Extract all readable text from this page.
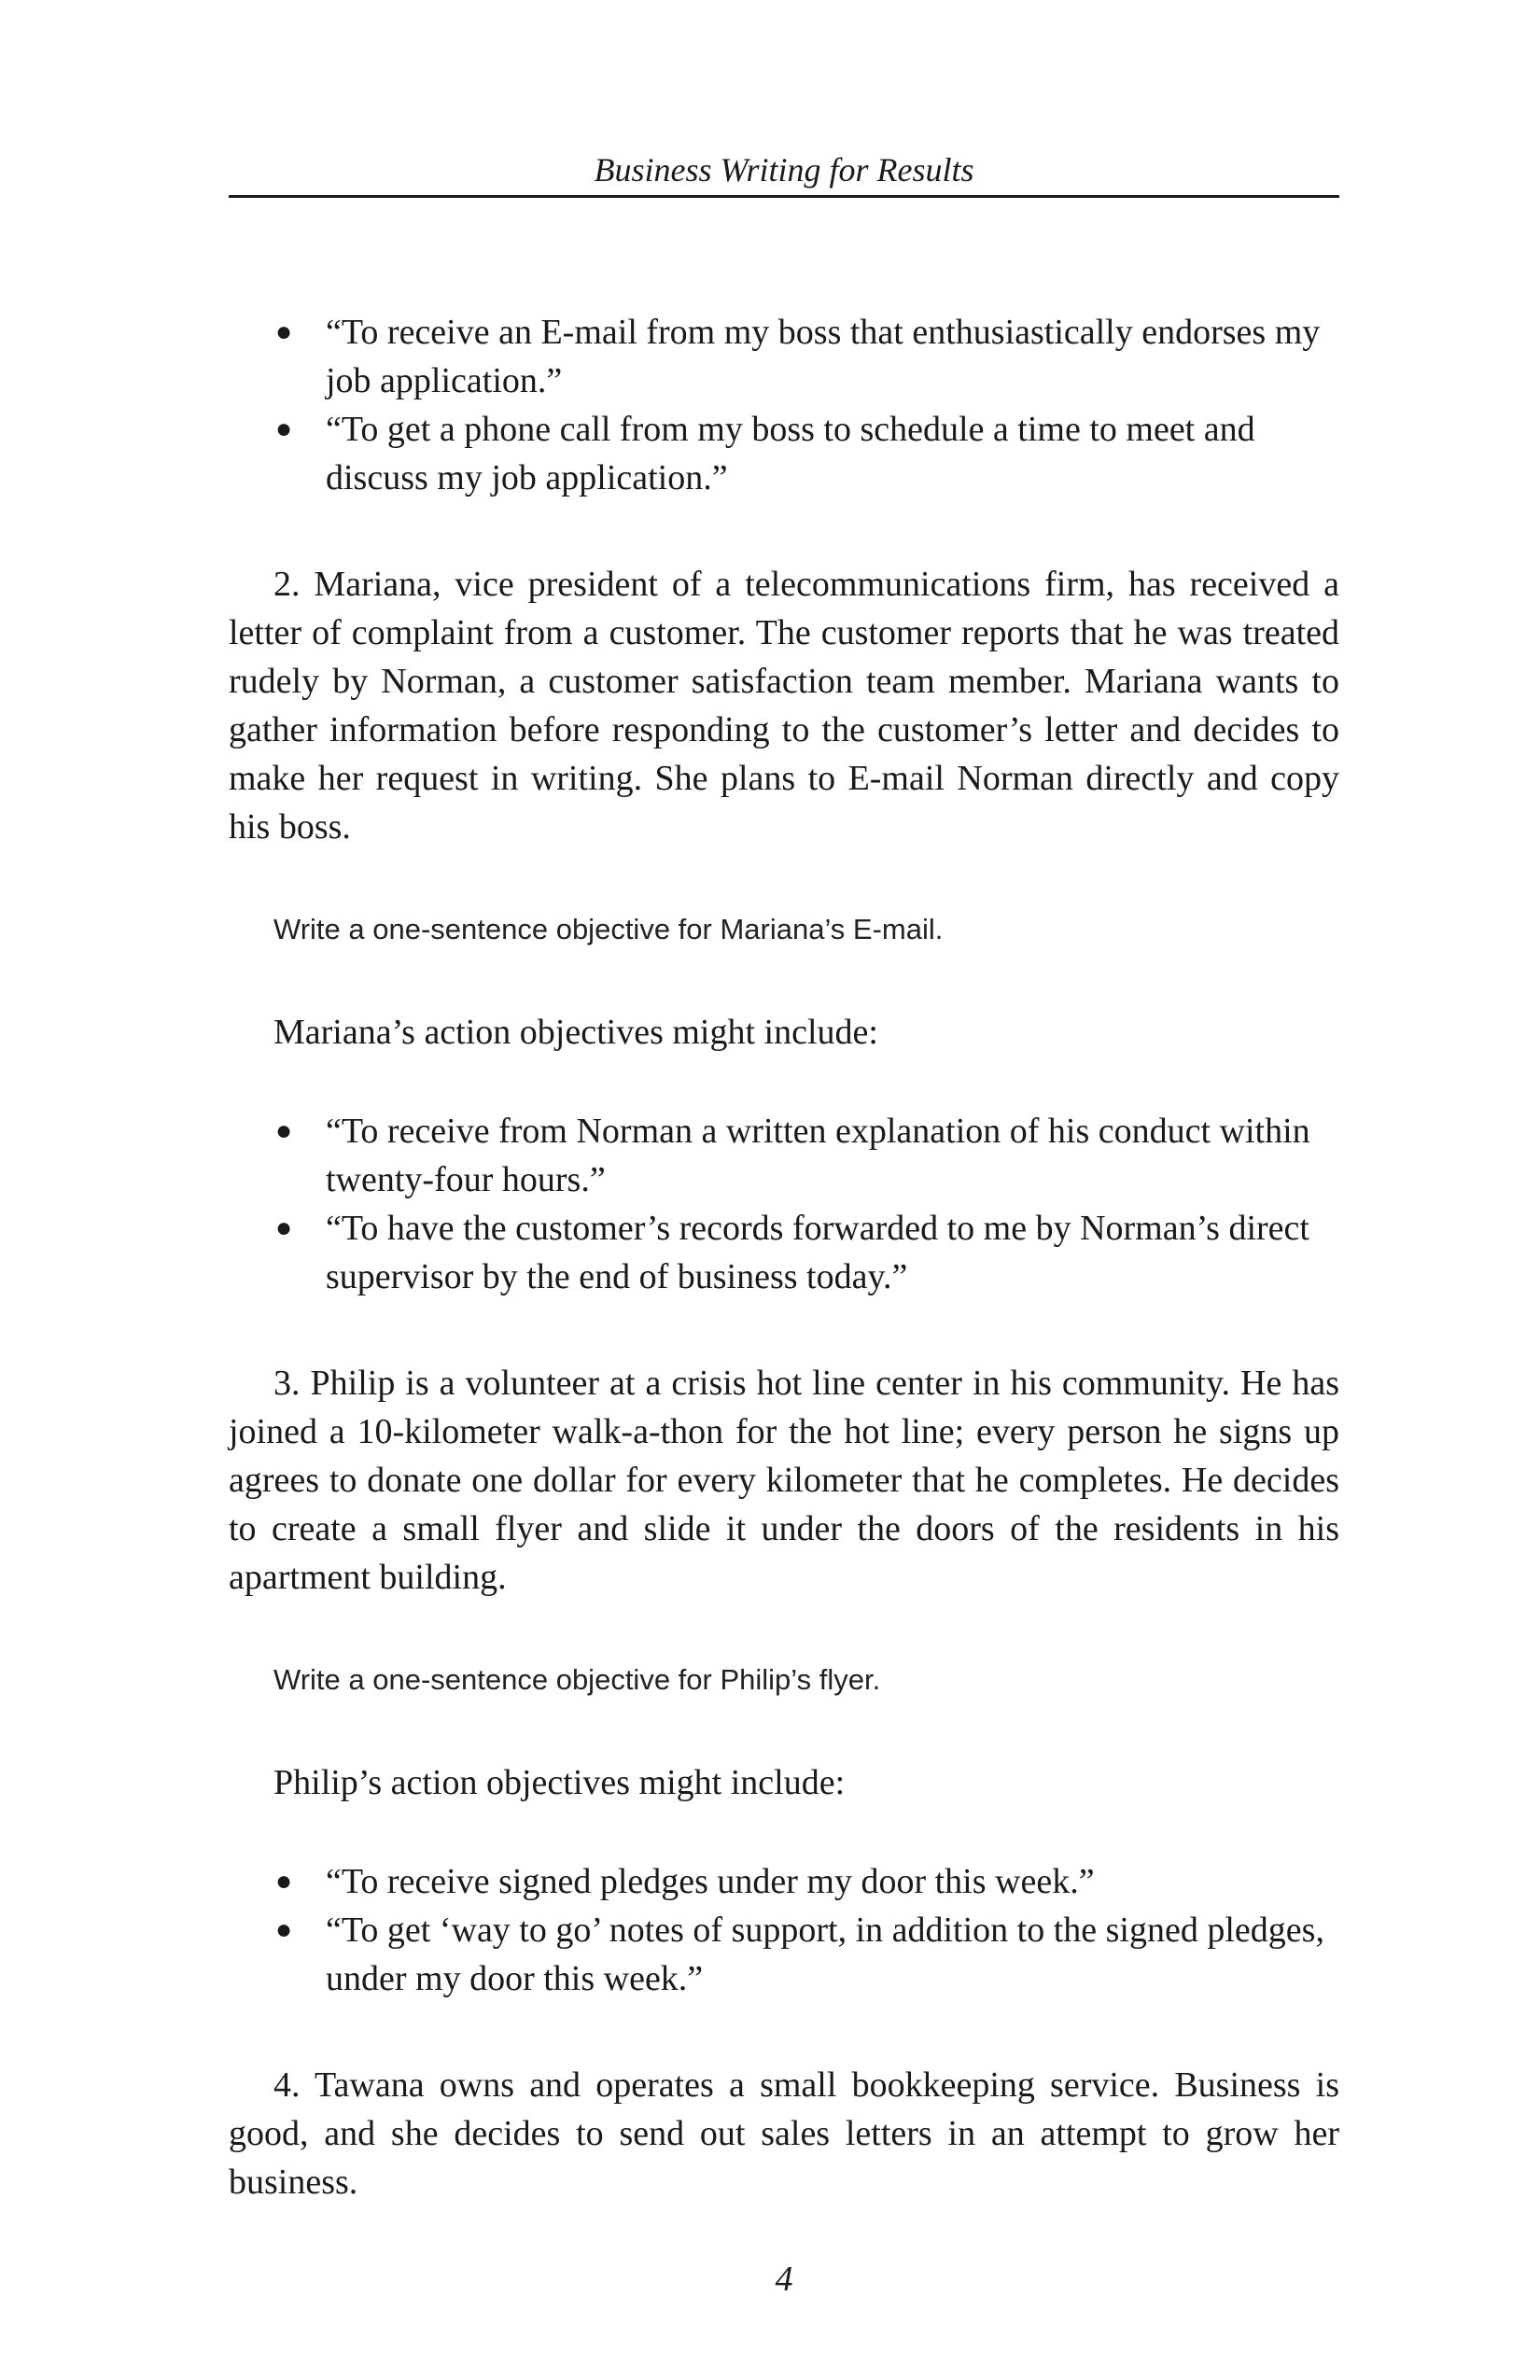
Business Writing for Results
● “To receive an E-mail from my boss that enthusiastically endorses my job application.”
● “To get a phone call from my boss to schedule a time to meet and discuss my job application.”

2. Mariana, vice president of a telecommunications firm, has received a letter of complaint from a customer. The customer reports that he was treated rudely by Norman, a customer satisfaction team member. Mariana wants to gather information before responding to the customer’s letter and decides to make her request in writing. She plans to E-mail Norman directly and copy his boss.

Write a one-sentence objective for Mariana’s E-mail.

Mariana’s action objectives might include:

● “To receive from Norman a written explanation of his conduct within twenty-four hours.”
● “To have the customer’s records forwarded to me by Norman’s direct supervisor by the end of business today.”

3. Philip is a volunteer at a crisis hot line center in his community. He has joined a 10-kilometer walk-a-thon for the hot line; every person he signs up agrees to donate one dollar for every kilometer that he completes. He decides to create a small flyer and slide it under the doors of the residents in his apartment building.

Write a one-sentence objective for Philip’s flyer.

Philip’s action objectives might include:

● “To receive signed pledges under my door this week.”
● “To get ‘way to go’ notes of support, in addition to the signed pledges, under my door this week.”

4. Tawana owns and operates a small bookkeeping service. Business is good, and she decides to send out sales letters in an attempt to grow her business.

4
